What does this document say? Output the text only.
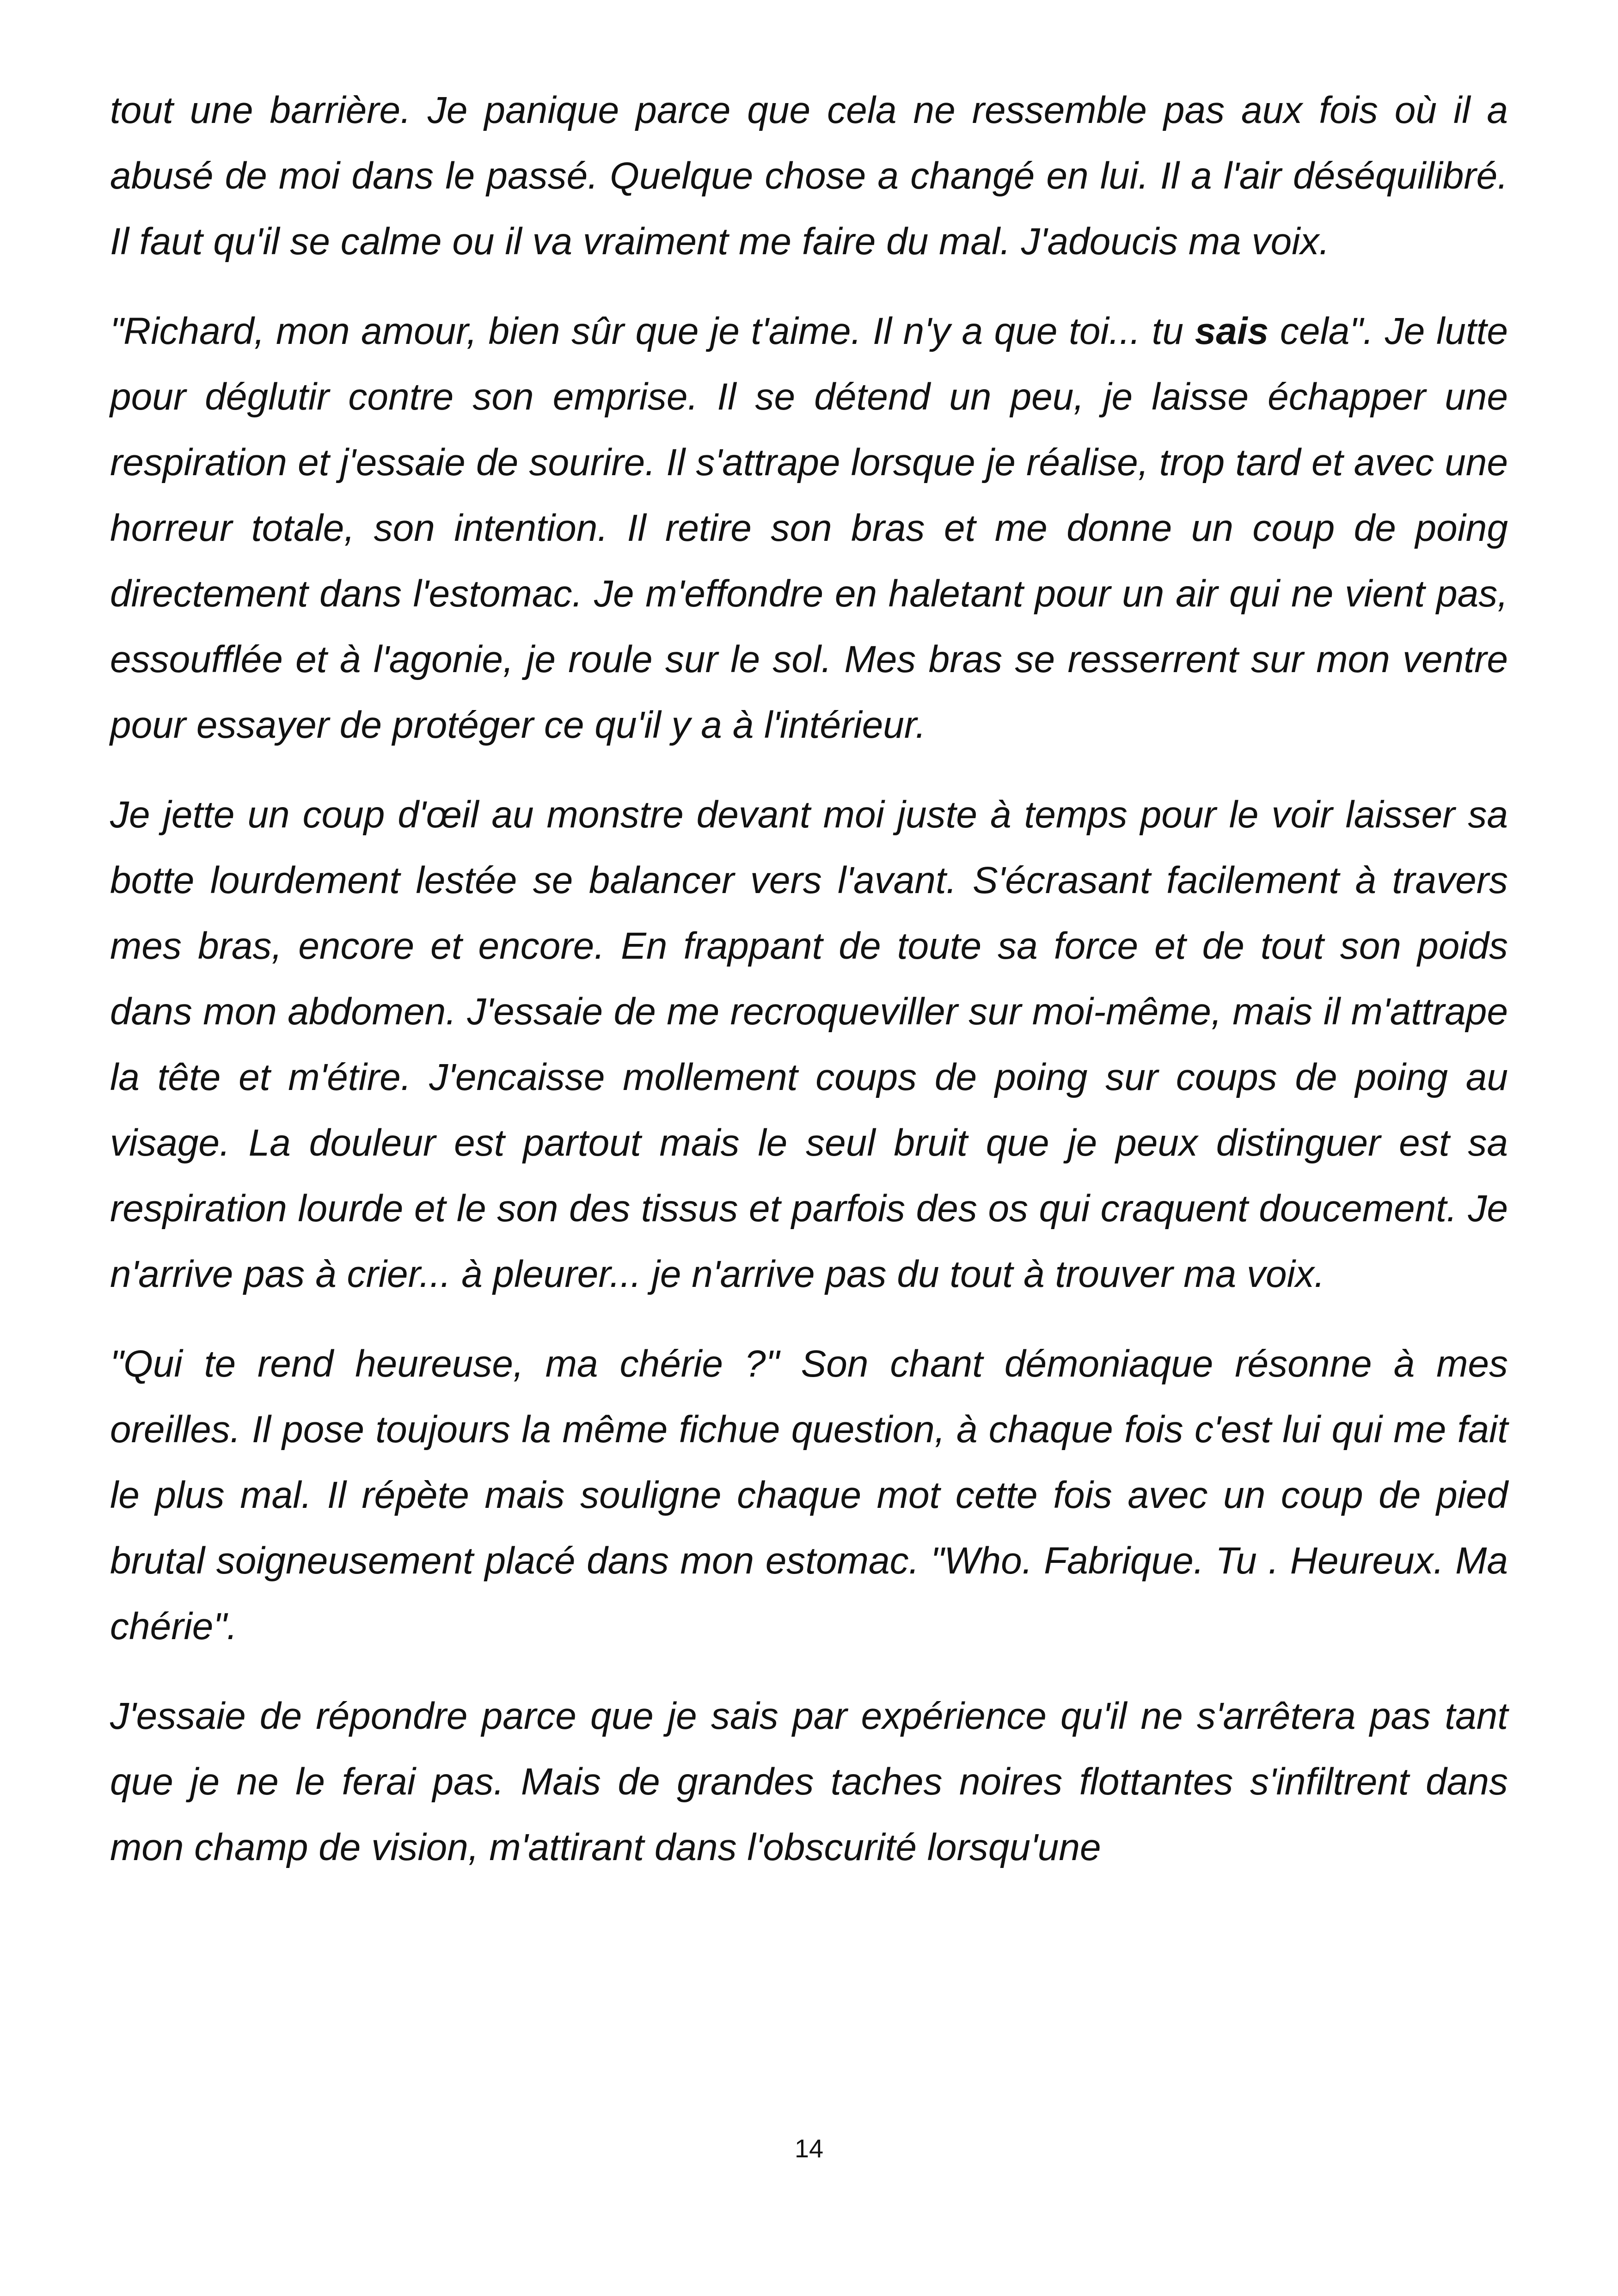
tout une barrière. Je panique parce que cela ne ressemble pas aux fois où il a abusé de moi dans le passé. Quelque chose a changé en lui. Il a l'air déséquilibré. Il faut qu'il se calme ou il va vraiment me faire du mal. J'adoucis ma voix.

"Richard, mon amour, bien sûr que je t'aime. Il n'y a que toi... tu sais cela". Je lutte pour déglutir contre son emprise. Il se détend un peu, je laisse échapper une respiration et j'essaie de sourire. Il s'attrape lorsque je réalise, trop tard et avec une horreur totale, son intention. Il retire son bras et me donne un coup de poing directement dans l'estomac. Je m'effondre en haletant pour un air qui ne vient pas, essoufflée et à l'agonie, je roule sur le sol. Mes bras se resserrent sur mon ventre pour essayer de protéger ce qu'il y a à l'intérieur.

Je jette un coup d'œil au monstre devant moi juste à temps pour le voir laisser sa botte lourdement lestée se balancer vers l'avant. S'écrasant facilement à travers mes bras, encore et encore. En frappant de toute sa force et de tout son poids dans mon abdomen. J'essaie de me recroqueviller sur moi-même, mais il m'attrape la tête et m'étire. J'encaisse mollement coups de poing sur coups de poing au visage. La douleur est partout mais le seul bruit que je peux distinguer est sa respiration lourde et le son des tissus et parfois des os qui craquent doucement. Je n'arrive pas à crier... à pleurer... je n'arrive pas du tout à trouver ma voix.

"Qui te rend heureuse, ma chérie ?" Son chant démoniaque résonne à mes oreilles. Il pose toujours la même fichue question, à chaque fois c'est lui qui me fait le plus mal. Il répète mais souligne chaque mot cette fois avec un coup de pied brutal soigneusement placé dans mon estomac. "Who. Fabrique. Tu . Heureux. Ma chérie".

J'essaie de répondre parce que je sais par expérience qu'il ne s'arrêtera pas tant que je ne le ferai pas. Mais de grandes taches noires flottantes s'infiltrent dans mon champ de vision, m'attirant dans l'obscurité lorsqu'une

14
